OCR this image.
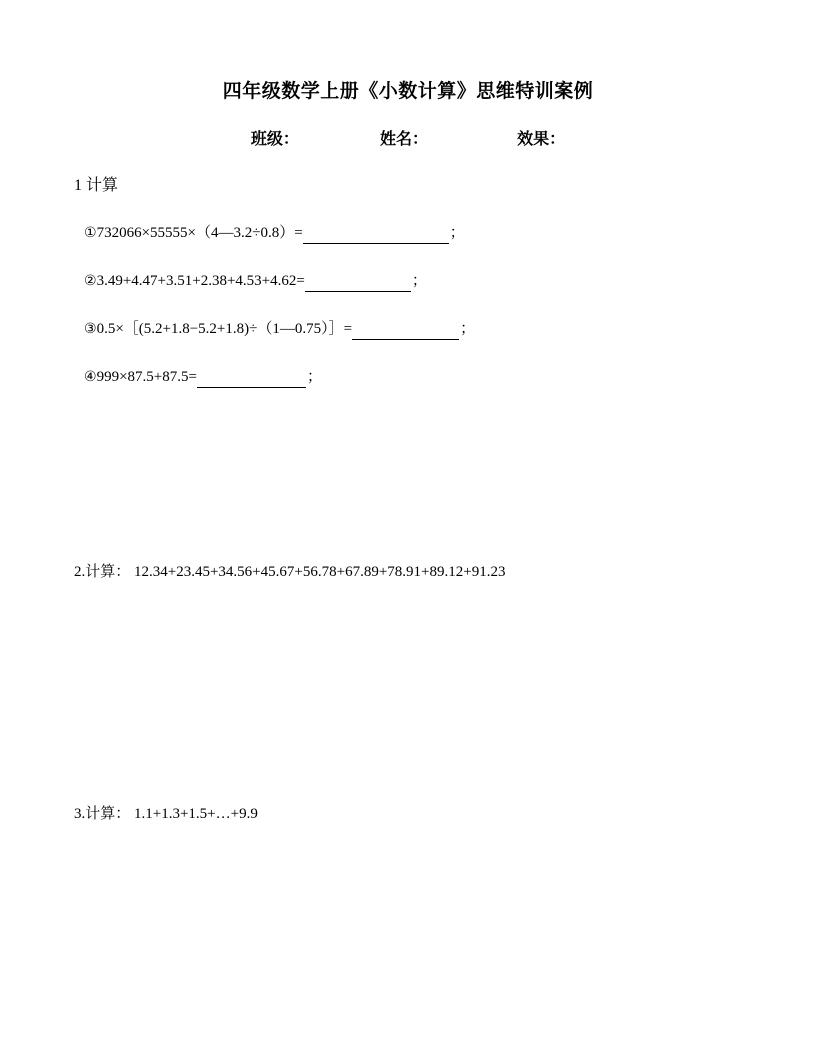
四年级数学上册《小数计算》思维特训案例
班级：	姓名：	效果：
1 计算
①732066×55555×（4—3.2÷0.8）=	；
②3.49+4.47+3.51+2.38+4.53+4.62=	；
③0.5×［(5.2+1.8−5.2+1.8)÷（1—0.75）］=	；
④999×87.5+87.5=	；
2.计算： 12.34+23.45+34.56+45.67+56.78+67.89+78.91+89.12+91.23
3.计算： 1.1+1.3+1.5+…+9.9
